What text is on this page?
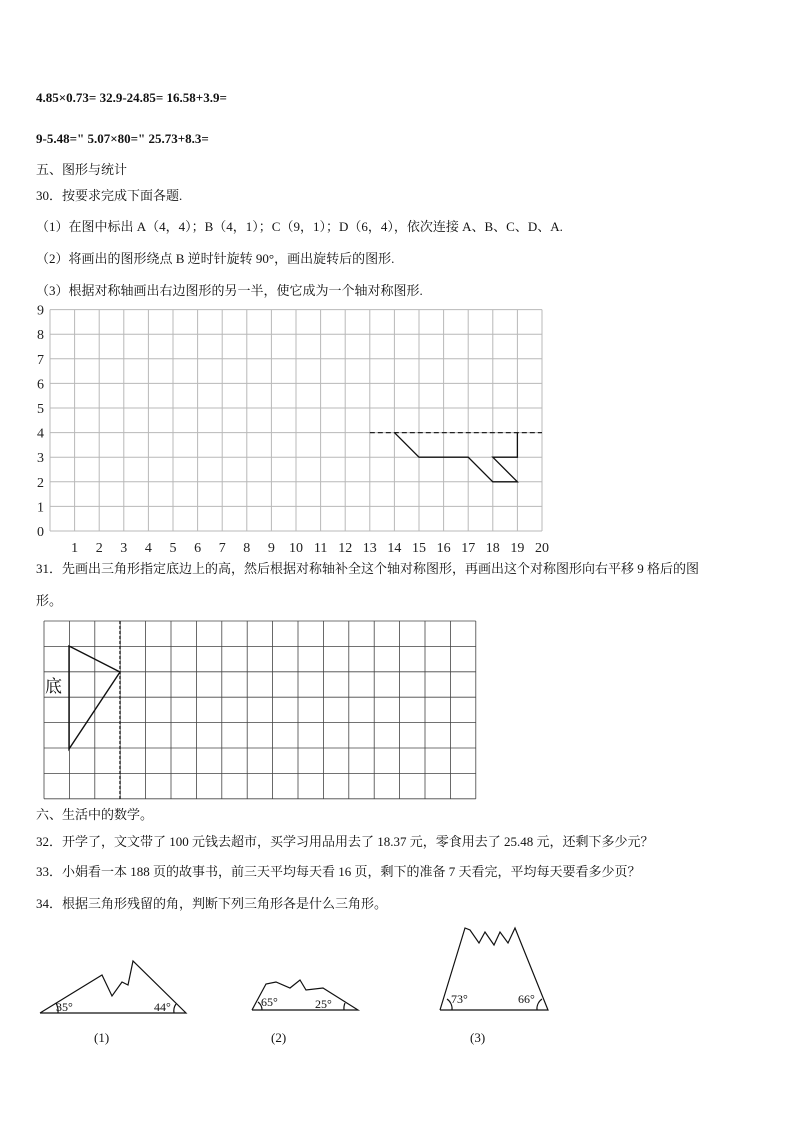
4.85×0.73= 32.9-24.85= 16.58+3.9=
9-5.48=" 5.07×80=" 25.73+8.3=
五、图形与统计
30．按要求完成下面各题.
（1）在图中标出 A（4，4）；B（4，1）；C（9，1）；D（6，4），依次连接 A、B、C、D、A.
（2）将画出的图形绕点 B 逆时针旋转 90°，画出旋转后的图形.
（3）根据对称轴画出右边图形的另一半，使它成为一个轴对称图形.
1 2 3 4 5 6 7 8 9 10 11 12 13 14 15 16 17 18 19 20
0
1
2
3
4
5
6
7
8
9
31．先画出三角形指定底边上的高，然后根据对称轴补全这个轴对称图形，再画出这个对称图形向右平移 9 格后的图
形。
底
六、生活中的数学。
32．开学了，文文带了 100 元钱去超市，买学习用品用去了 18.37 元，零食用去了 25.48 元，还剩下多少元？
33．小娟看一本 188 页的故事书，前三天平均每天看 16 页，剩下的准备 7 天看完，平均每天要看多少页？
34．根据三角形残留的角，判断下列三角形各是什么三角形。
35°	44°
(1)
65°	25°
(2)
73°	66°
(3)
